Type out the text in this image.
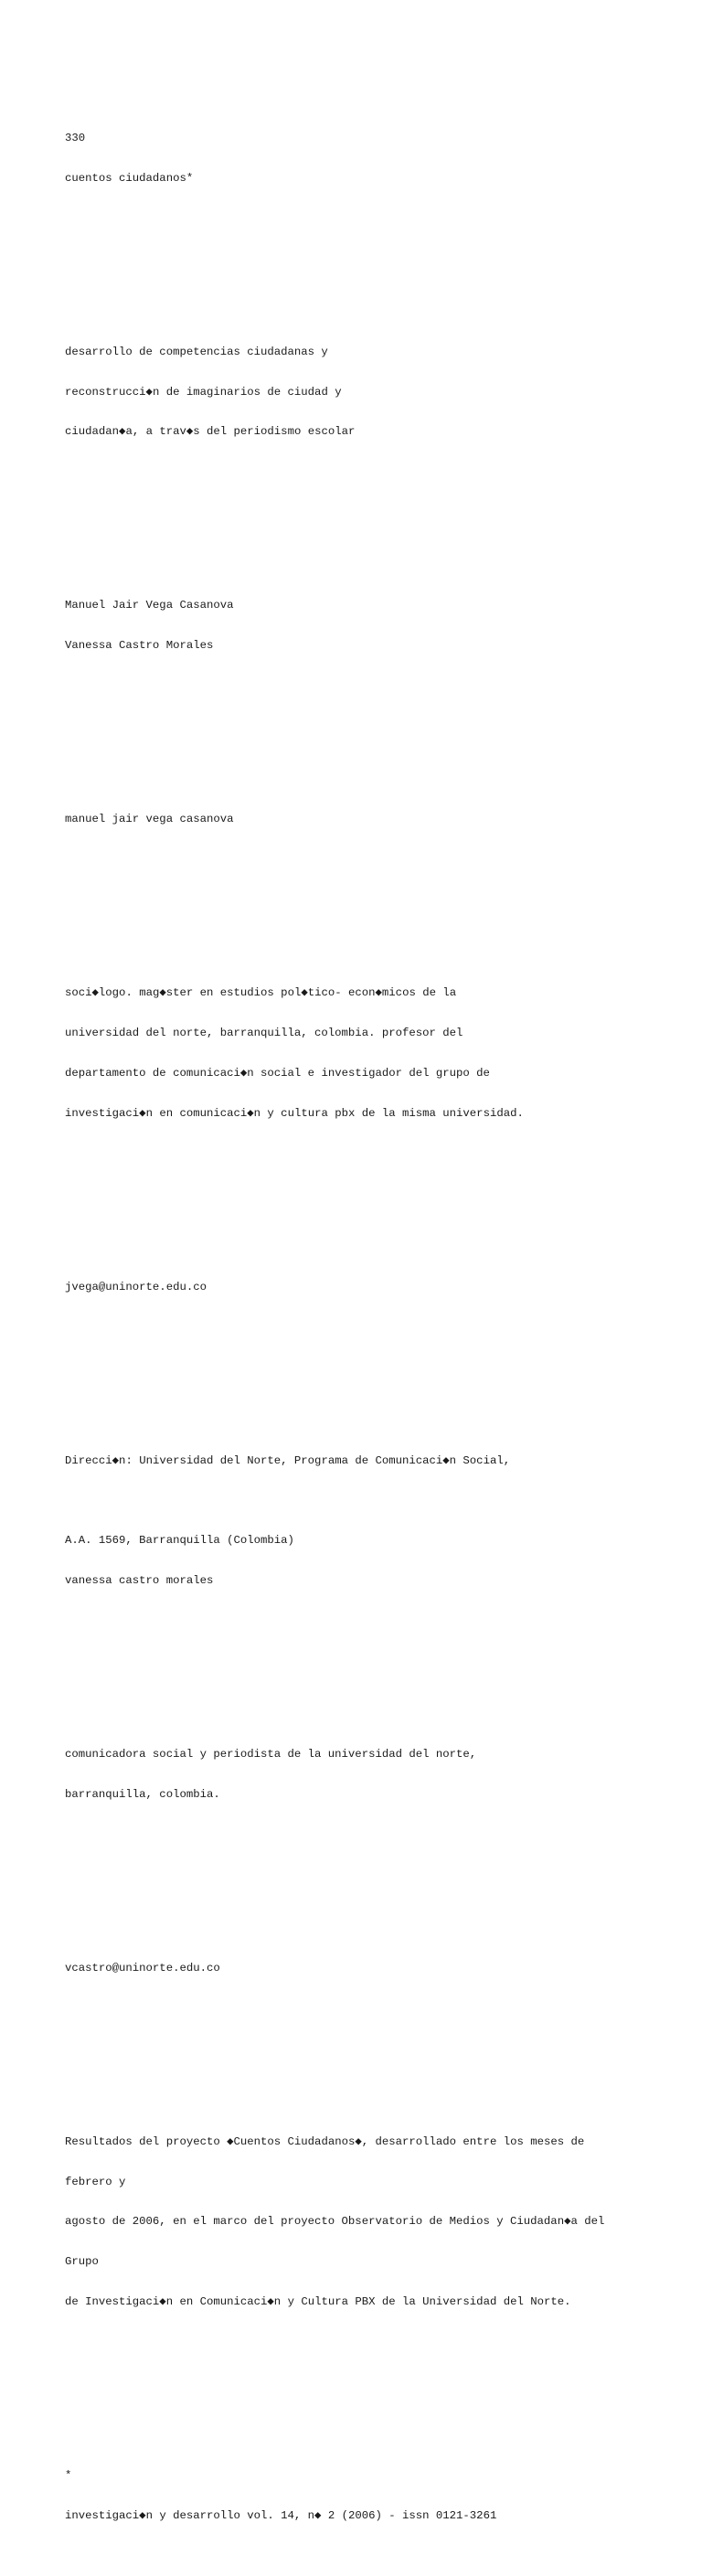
330

cuentos ciudadanos*

desarrollo de competencias ciudadanas y

reconstrucci◆n de imaginarios de ciudad y

ciudadan◆a, a trav◆s del periodismo escolar

Manuel Jair Vega Casanova

Vanessa Castro Morales

manuel jair vega casanova

soci◆logo. mag◆ster en estudios pol◆tico- econ◆micos de la

universidad del norte, barranquilla, colombia. profesor del

departamento de comunicaci◆n social e investigador del grupo de

investigaci◆n en comunicaci◆n y cultura pbx de la misma universidad.

jvega@uninorte.edu.co

Direcci◆n: Universidad del Norte, Programa de Comunicaci◆n Social,

A.A. 1569, Barranquilla (Colombia)

vanessa castro morales

comunicadora social y periodista de la universidad del norte,

barranquilla, colombia.

vcastro@uninorte.edu.co

Resultados del proyecto ◆Cuentos Ciudadanos◆, desarrollado entre los meses de

febrero y

agosto de 2006, en el marco del proyecto Observatorio de Medios y Ciudadan◆a del

Grupo

de Investigaci◆n en Comunicaci◆n y Cultura PBX de la Universidad del Norte.

*

investigaci◆n y desarrollo vol. 14, n◆ 2 (2006) - issn 0121-3261
